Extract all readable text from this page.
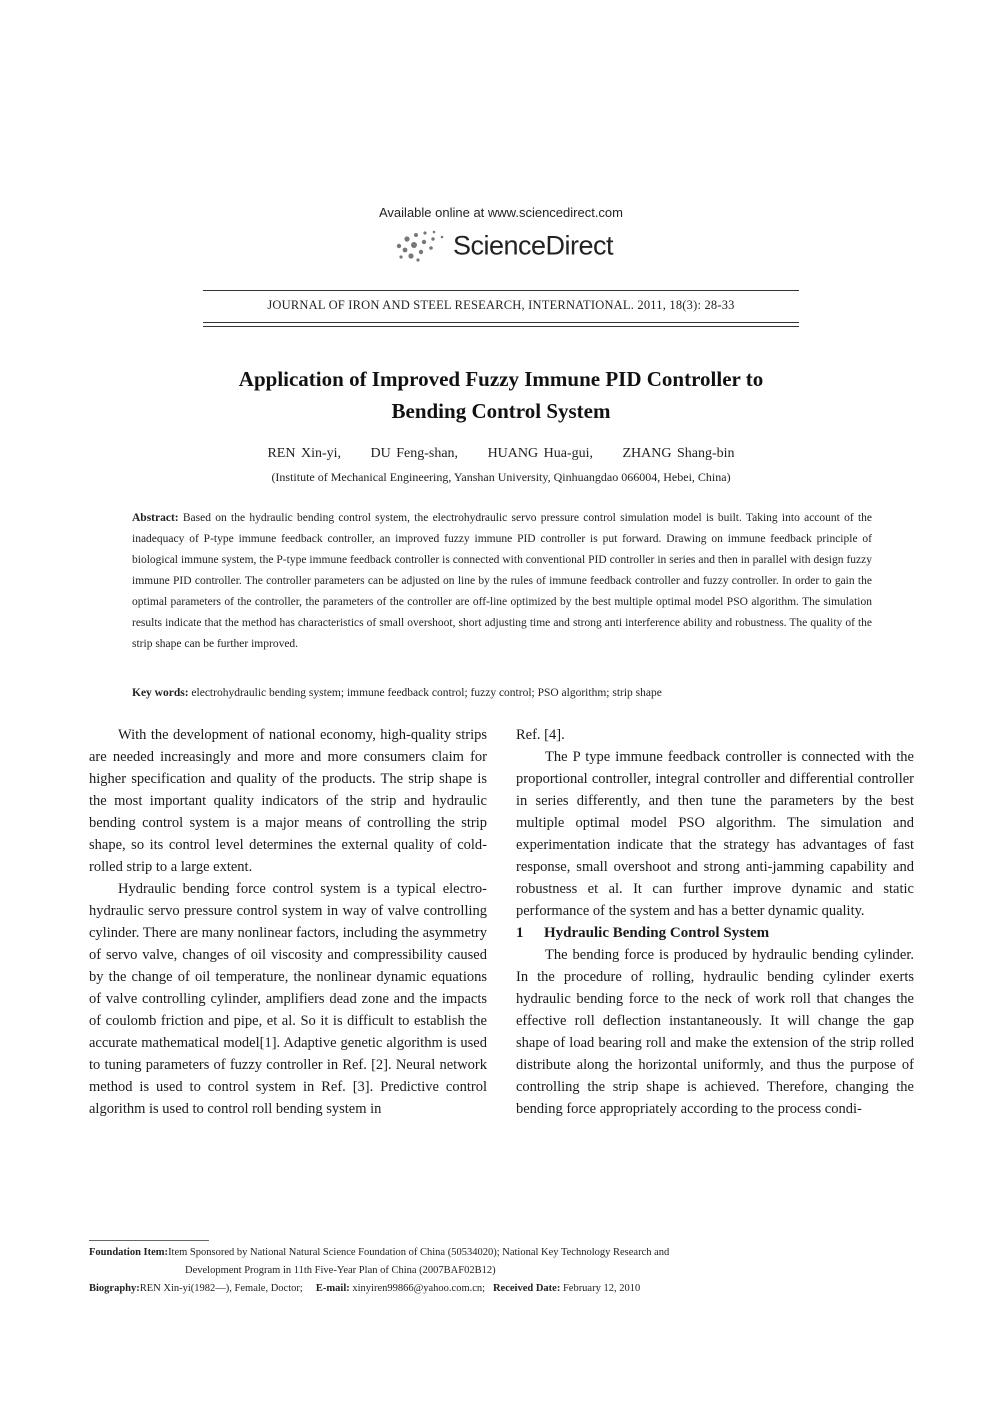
Available online at www.sciencedirect.com
ScienceDirect
JOURNAL OF IRON AND STEEL RESEARCH, INTERNATIONAL. 2011, 18(3): 28-33
Application of Improved Fuzzy Immune PID Controller to
Bending Control System
REN Xin-yi, DU Feng-shan, HUANG Hua-gui, ZHANG Shang-bin
(Institute of Mechanical Engineering, Yanshan University, Qinhuangdao 066004, Hebei, China)
Abstract: Based on the hydraulic bending control system, the electrohydraulic servo pressure control simulation model is built. Taking into account of the inadequacy of P-type immune feedback controller, an improved fuzzy immune PID controller is put forward. Drawing on immune feedback principle of biological immune system, the P-type immune feedback controller is connected with conventional PID controller in series and then in parallel with design fuzzy immune PID controller. The controller parameters can be adjusted on line by the rules of immune feedback controller and fuzzy controller. In order to gain the optimal parameters of the controller, the parameters of the controller are off-line optimized by the best multiple optimal model PSO algorithm. The simulation results indicate that the method has characteristics of small overshoot, short adjusting time and strong anti interference ability and robustness. The quality of the strip shape can be further improved.
Key words: electrohydraulic bending system; immune feedback control; fuzzy control; PSO algorithm; strip shape

With the development of national economy, high-quality strips are needed increasingly and more and more consumers claim for higher specification and quality of the products. The strip shape is the most important quality indicators of the strip and hydraulic bending control system is a major means of controlling the strip shape, so its control level determines the external quality of cold-rolled strip to a large extent.

Hydraulic bending force control system is a typical electro-hydraulic servo pressure control system in way of valve controlling cylinder. There are many nonlinear factors, including the asymmetry of servo valve, changes of oil viscosity and compressibility caused by the change of oil temperature, the nonlinear dynamic equations of valve controlling cylinder, amplifiers dead zone and the impacts of coulomb friction and pipe, et al. So it is difficult to establish the accurate mathematical model[1]. Adaptive genetic algorithm is used to tuning parameters of fuzzy controller in Ref. [2]. Neural network method is used to control system in Ref. [3]. Predictive control algorithm is used to control roll bending system in

Ref. [4].

The P type immune feedback controller is connected with the proportional controller, integral controller and differential controller in series differently, and then tune the parameters by the best multiple optimal model PSO algorithm. The simulation and experimentation indicate that the strategy has advantages of fast response, small overshoot and strong anti-jamming capability and robustness et al. It can further improve dynamic and static performance of the system and has a better dynamic quality.

1 Hydraulic Bending Control System

The bending force is produced by hydraulic bending cylinder. In the procedure of rolling, hydraulic bending cylinder exerts hydraulic bending force to the neck of work roll that changes the effective roll deflection instantaneously. It will change the gap shape of load bearing roll and make the extension of the strip rolled distribute along the horizontal uniformly, and thus the purpose of controlling the strip shape is achieved. Therefore, changing the bending force appropriately according to the process condi-

Foundation Item:Item Sponsored by National Natural Science Foundation of China (50534020); National Key Technology Research and
Development Program in 11th Five-Year Plan of China (2007BAF02B12)
Biography:REN Xin-yi(1982—), Female, Doctor; E-mail: xinyiren99866@yahoo.com.cn; Received Date: February 12, 2010
